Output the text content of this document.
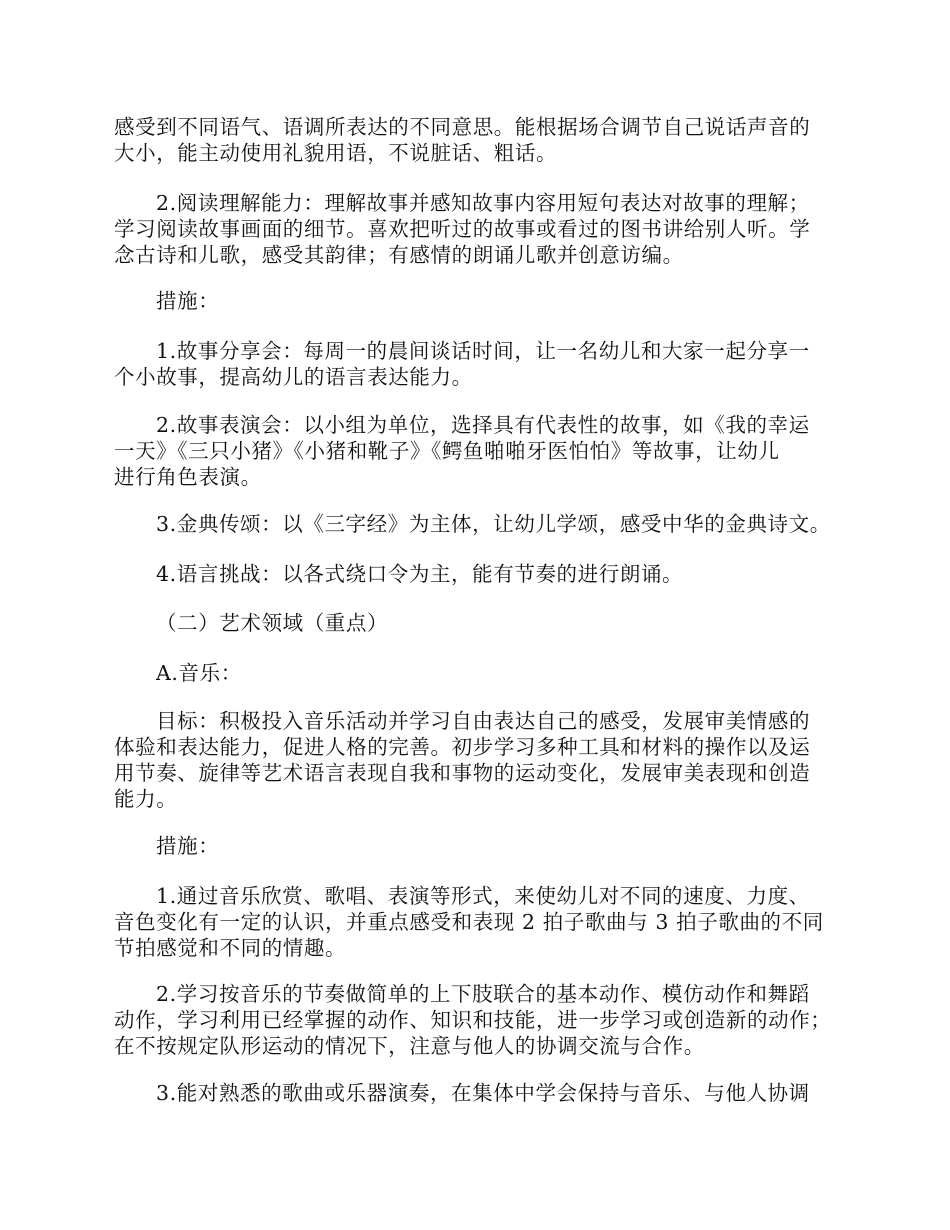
感受到不同语气、语调所表达的不同意思。能根据场合调节自己说话声音的
大小，能主动使用礼貌用语，不说脏话、粗话。
2.阅读理解能力：理解故事并感知故事内容用短句表达对故事的理解；
学习阅读故事画面的细节。喜欢把听过的故事或看过的图书讲给别人听。学
念古诗和儿歌，感受其韵律；有感情的朗诵儿歌并创意访编。
措施：
1.故事分享会：每周一的晨间谈话时间，让一名幼儿和大家一起分享一
个小故事，提高幼儿的语言表达能力。
2.故事表演会：以小组为单位，选择具有代表性的故事，如《我的幸运
一天》《三只小猪》《小猪和靴子》《鳄鱼啪啪牙医怕怕》等故事，让幼儿
进行角色表演。
3.金典传颂：以《三字经》为主体，让幼儿学颂，感受中华的金典诗文。
4.语言挑战：以各式绕口令为主，能有节奏的进行朗诵。
（二）艺术领域（重点）
A.音乐：
目标：积极投入音乐活动并学习自由表达自己的感受，发展审美情感的
体验和表达能力，促进人格的完善。初步学习多种工具和材料的操作以及运
用节奏、旋律等艺术语言表现自我和事物的运动变化，发展审美表现和创造
能力。
措施：
1.通过音乐欣赏、歌唱、表演等形式，来使幼儿对不同的速度、力度、
音色变化有一定的认识，并重点感受和表现 2 拍子歌曲与 3 拍子歌曲的不同
节拍感觉和不同的情趣。
2.学习按音乐的节奏做简单的上下肢联合的基本动作、模仿动作和舞蹈
动作，学习利用已经掌握的动作、知识和技能，进一步学习或创造新的动作；
在不按规定队形运动的情况下，注意与他人的协调交流与合作。
3.能对熟悉的歌曲或乐器演奏，在集体中学会保持与音乐、与他人协调
